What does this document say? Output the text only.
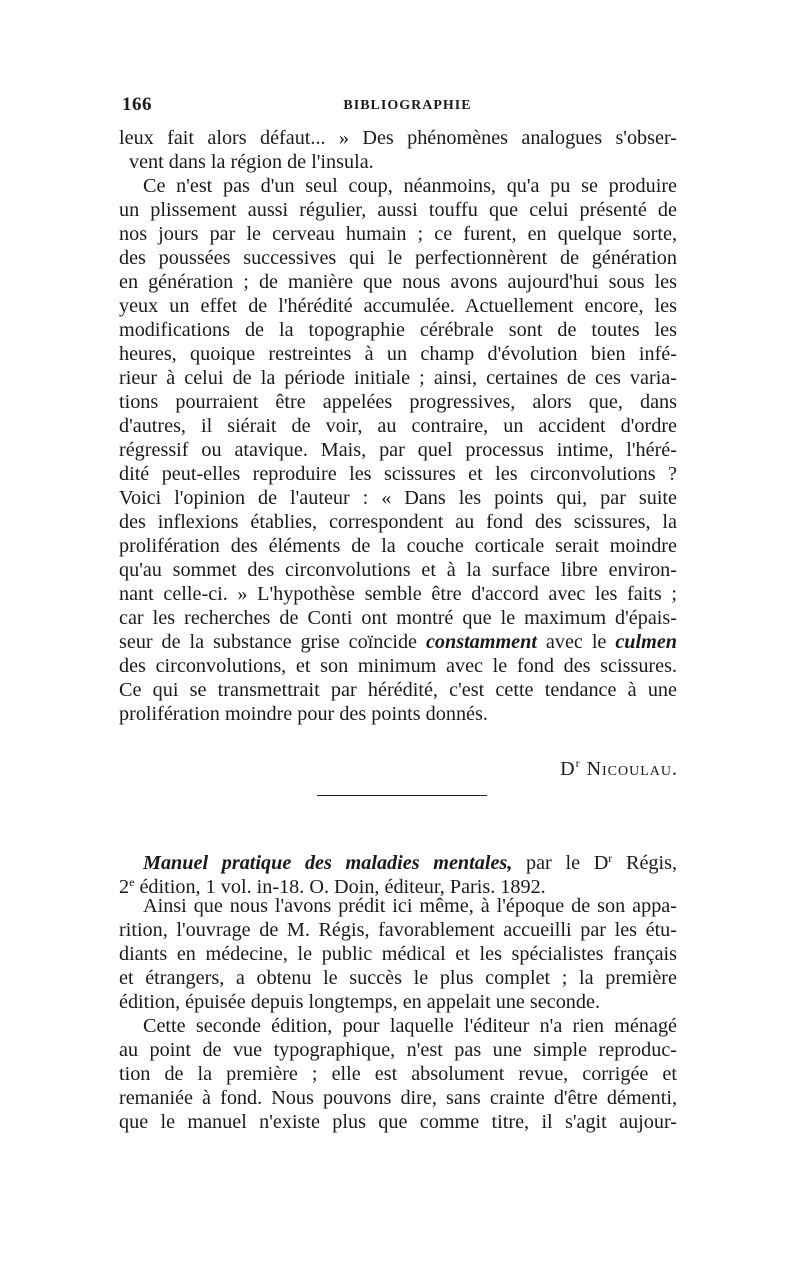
166	BIBLIOGRAPHIE
leux fait alors défaut... » Des phénomènes analogues s'obser-
vent dans la région de l'insula.
Ce n'est pas d'un seul coup, néanmoins, qu'a pu se produire
un plissement aussi régulier, aussi touffu que celui présenté de
nos jours par le cerveau humain ; ce furent, en quelque sorte,
des poussées successives qui le perfectionnèrent de génération
en génération ; de manière que nous avons aujourd'hui sous les
yeux un effet de l'hérédité accumulée. Actuellement encore, les
modifications de la topographie cérébrale sont de toutes les
heures, quoique restreintes à un champ d'évolution bien infé-
rieur à celui de la période initiale ; ainsi, certaines de ces varia-
tions pourraient être appelées progressives, alors que, dans
d'autres, il siérait de voir, au contraire, un accident d'ordre
régressif ou atavique. Mais, par quel processus intime, l'héré-
dité peut-elles reproduire les scissures et les circonvolutions ?
Voici l'opinion de l'auteur : « Dans les points qui, par suite
des inflexions établies, correspondent au fond des scissures, la
prolifération des éléments de la couche corticale serait moindre
qu'au sommet des circonvolutions et à la surface libre environ-
nant celle-ci. » L'hypothèse semble être d'accord avec les faits ;
car les recherches de Conti ont montré que le maximum d'épais-
seur de la substance grise coïncide constamment avec le culmen
des circonvolutions, et son minimum avec le fond des scissures.
Ce qui se transmettrait par hérédité, c'est cette tendance à une
prolifération moindre pour des points donnés.
$D^r$ Nicoulau.
Manuel pratique des maladies mentales, par le $D^r$ Régis,
2e édition, 1 vol. in-18. O. Doin, éditeur, Paris. 1892.
Ainsi que nous l'avons prédit ici même, à l'époque de son appa-
rition, l'ouvrage de M. Régis, favorablement accueilli par les étu-
diants en médecine, le public médical et les spécialistes français
et étrangers, a obtenu le succès le plus complet ; la première
édition, épuisée depuis longtemps, en appelait une seconde.
Cette seconde édition, pour laquelle l'éditeur n'a rien ménagé
au point de vue typographique, n'est pas une simple reproduc-
tion de la première ; elle est absolument revue, corrigée et
remaniée à fond. Nous pouvons dire, sans crainte d'être démenti,
que le manuel n'existe plus que comme titre, il s'agit aujour-
